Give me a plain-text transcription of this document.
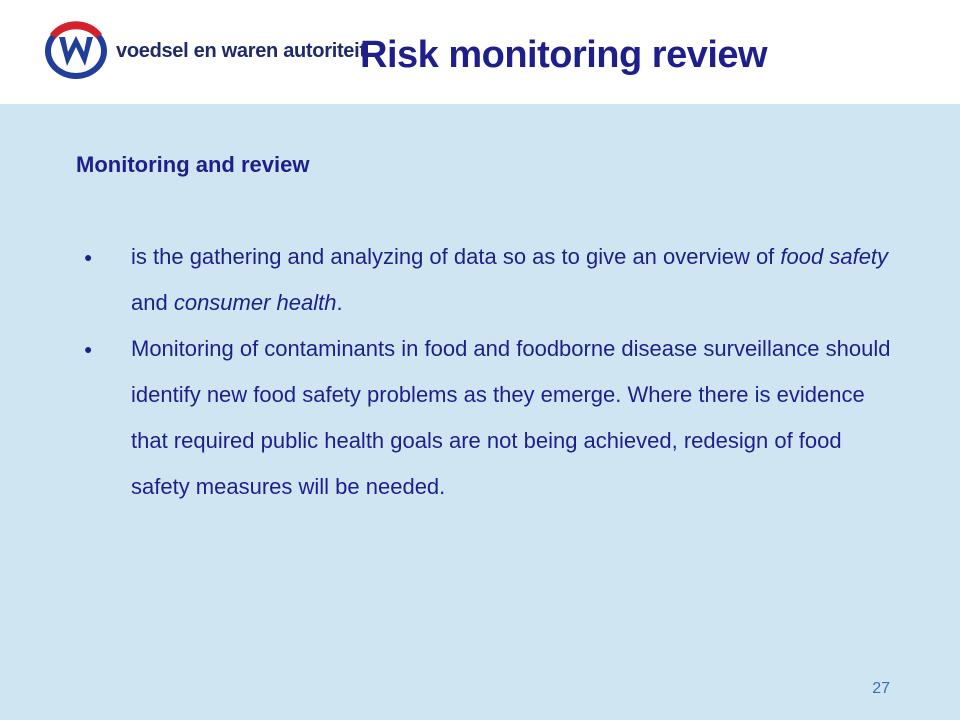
voedsel en waren autoriteit
Risk monitoring review
Monitoring and review
● is the gathering and analyzing of data so as to give an overview of food safety and consumer health.
● Monitoring of contaminants in food and foodborne disease surveillance should identify new food safety problems as they emerge. Where there is evidence that required public health goals are not being achieved, redesign of food safety measures will be needed.
27
